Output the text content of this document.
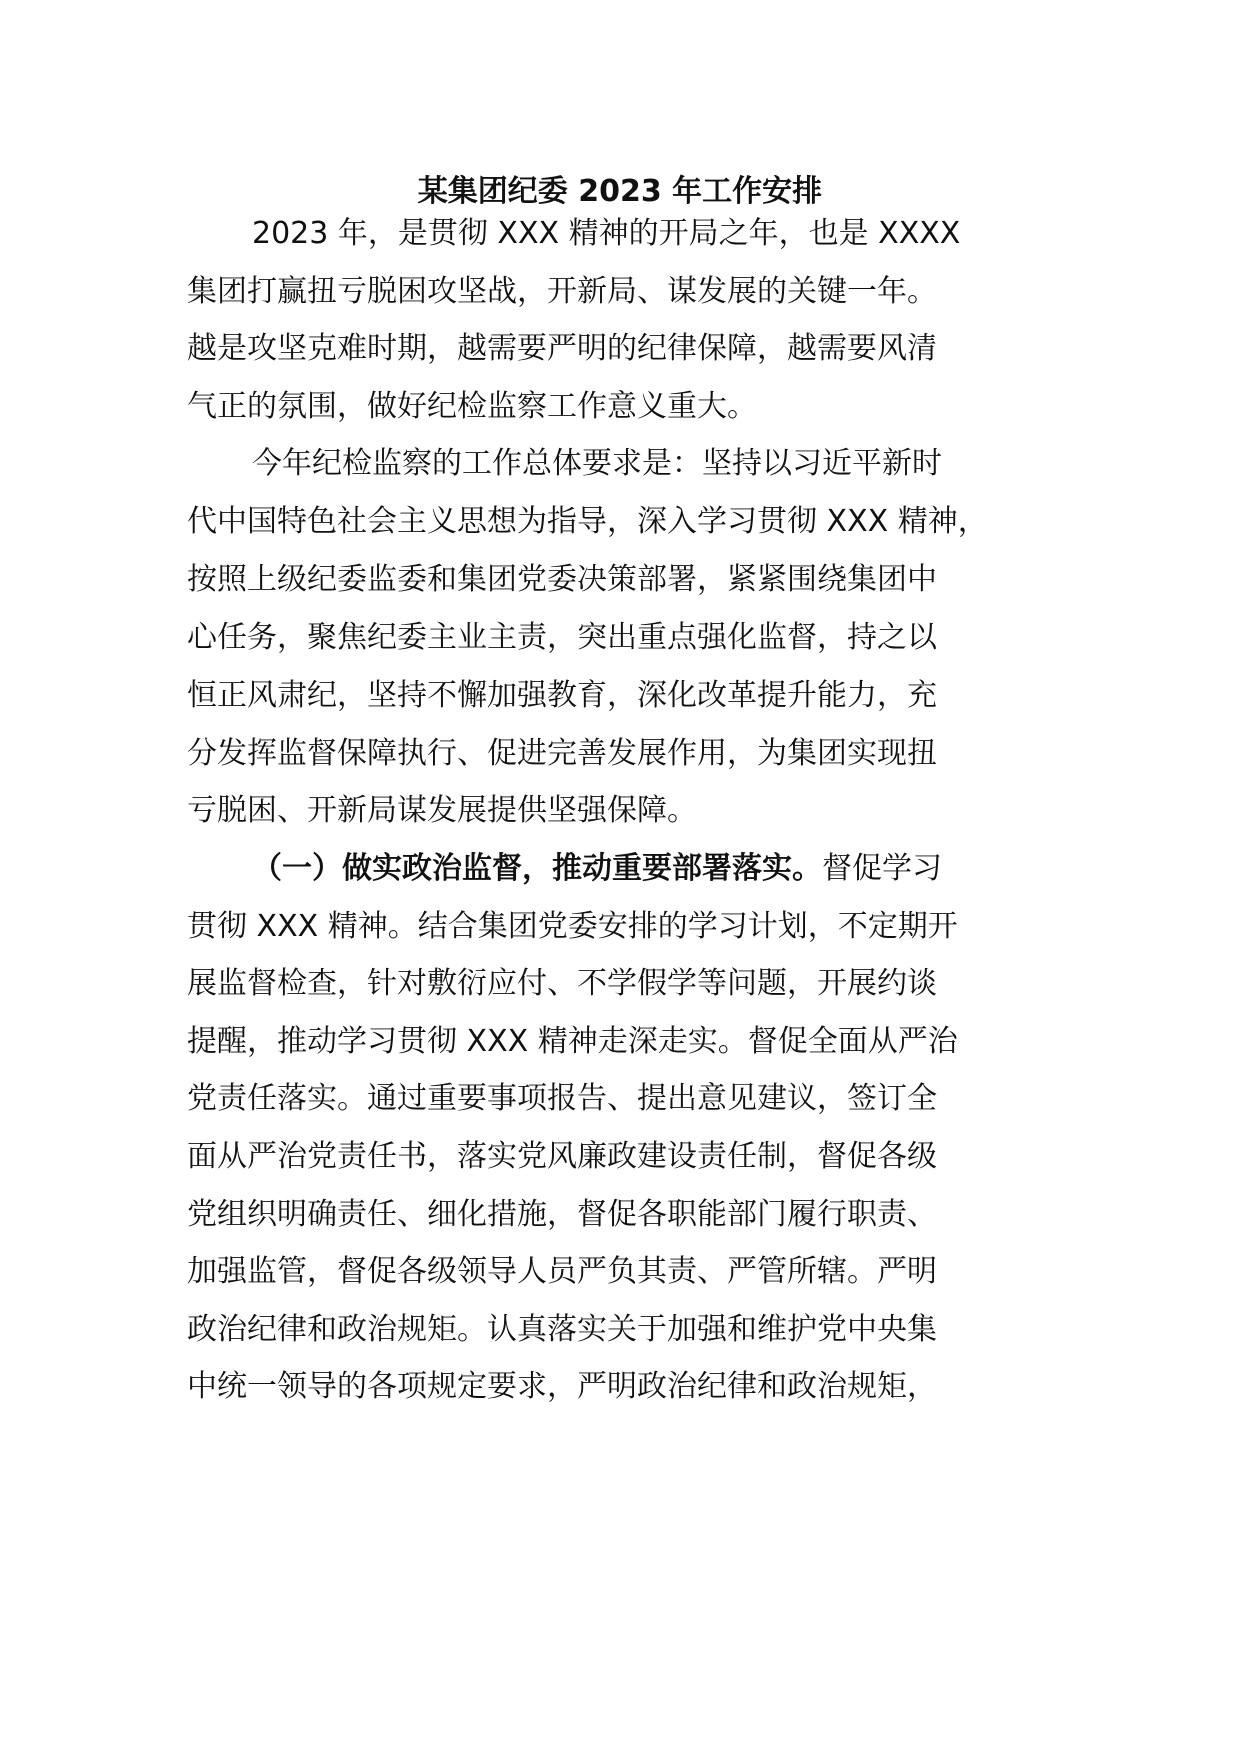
某集团纪委 2023 年工作安排
2023 年，是贯彻 XXX 精神的开局之年，也是 XXXX
集团打赢扭亏脱困攻坚战，开新局、谋发展的关键一年。
越是攻坚克难时期，越需要严明的纪律保障，越需要风清
气正的氛围，做好纪检监察工作意义重大。
今年纪检监察的工作总体要求是：坚持以习近平新时
代中国特色社会主义思想为指导，深入学习贯彻 XXX 精神，
按照上级纪委监委和集团党委决策部署，紧紧围绕集团中
心任务，聚焦纪委主业主责，突出重点强化监督，持之以
恒正风肃纪，坚持不懈加强教育，深化改革提升能力，充
分发挥监督保障执行、促进完善发展作用，为集团实现扭
亏脱困、开新局谋发展提供坚强保障。
（一）做实政治监督，推动重要部署落实。督促学习
贯彻 XXX 精神。结合集团党委安排的学习计划，不定期开
展监督检查，针对敷衍应付、不学假学等问题，开展约谈
提醒，推动学习贯彻 XXX 精神走深走实。督促全面从严治
党责任落实。通过重要事项报告、提出意见建议，签订全
面从严治党责任书，落实党风廉政建设责任制，督促各级
党组织明确责任、细化措施，督促各职能部门履行职责、
加强监管，督促各级领导人员严负其责、严管所辖。严明
政治纪律和政治规矩。认真落实关于加强和维护党中央集
中统一领导的各项规定要求，严明政治纪律和政治规矩，
